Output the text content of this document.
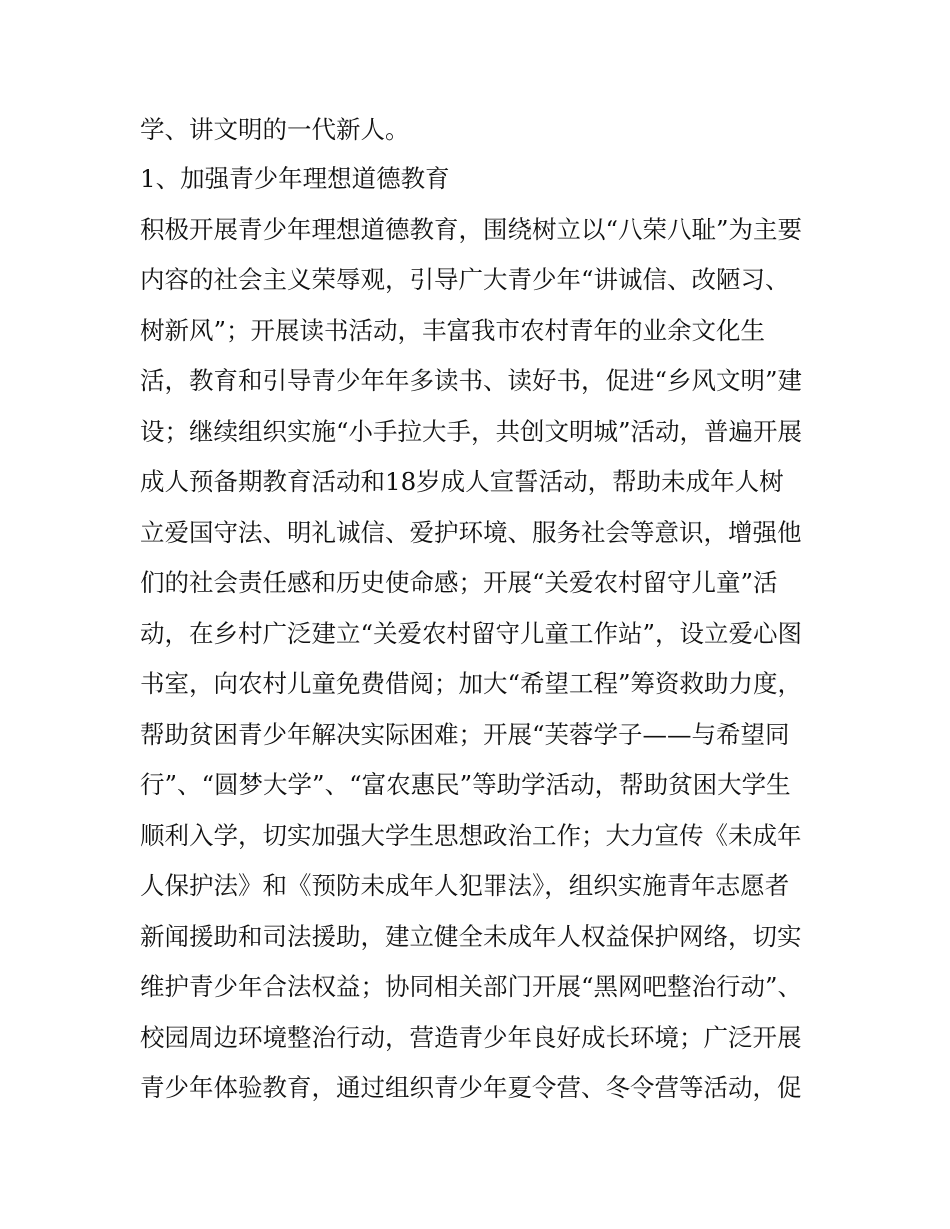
学、讲文明的一代新人。
1、加强青少年理想道德教育
积极开展青少年理想道德教育，围绕树立以“八荣八耻”为主要
内容的社会主义荣辱观，引导广大青少年“讲诚信、改陋习、
树新风”；开展读书活动，丰富我市农村青年的业余文化生
活，教育和引导青少年年多读书、读好书，促进“乡风文明”建
设；继续组织实施“小手拉大手，共创文明城”活动，普遍开展
成人预备期教育活动和18岁成人宣誓活动，帮助未成年人树
立爱国守法、明礼诚信、爱护环境、服务社会等意识，增强他
们的社会责任感和历史使命感；开展“关爱农村留守儿童”活
动，在乡村广泛建立“关爱农村留守儿童工作站”，设立爱心图
书室，向农村儿童免费借阅；加大“希望工程”筹资救助力度，
帮助贫困青少年解决实际困难；开展“芙蓉学子——与希望同
行”、“圆梦大学”、“富农惠民”等助学活动，帮助贫困大学生
顺利入学，切实加强大学生思想政治工作；大力宣传《未成年
人保护法》和《预防未成年人犯罪法》，组织实施青年志愿者
新闻援助和司法援助，建立健全未成年人权益保护网络，切实
维护青少年合法权益；协同相关部门开展“黑网吧整治行动”、
校园周边环境整治行动，营造青少年良好成长环境；广泛开展
青少年体验教育，通过组织青少年夏令营、冬令营等活动，促
